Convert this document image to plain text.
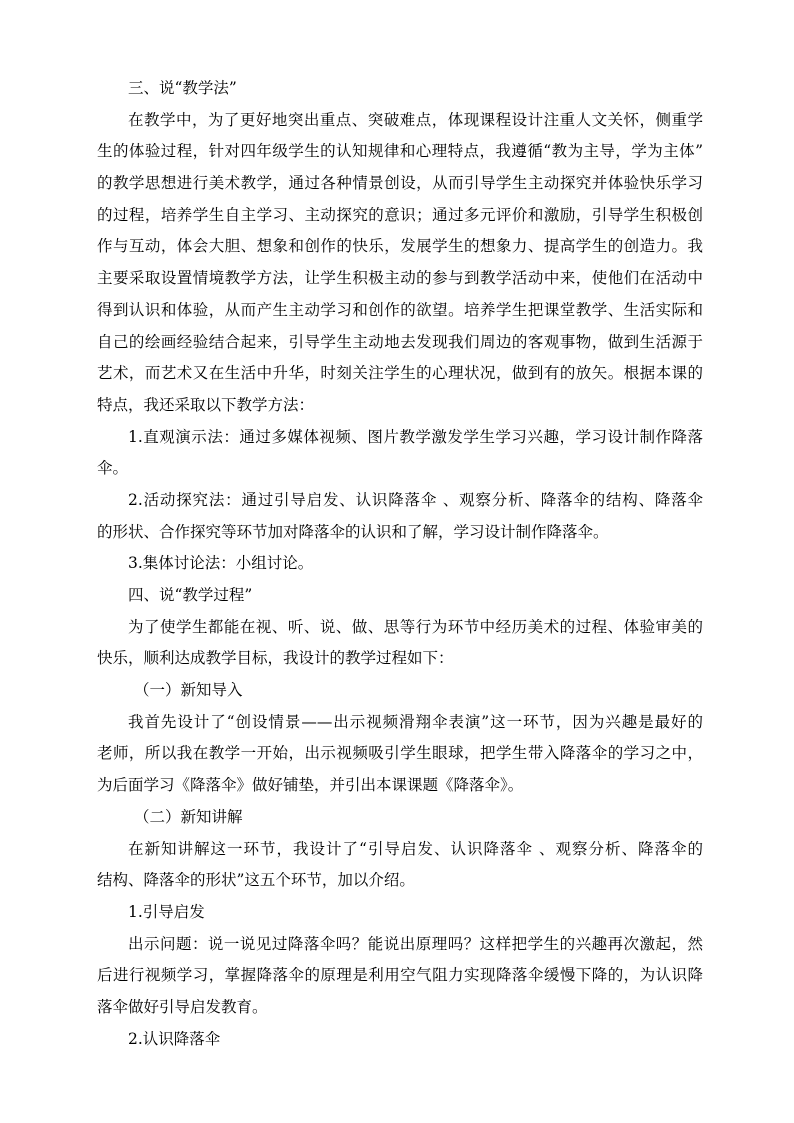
三、说“教学法”
在教学中，为了更好地突出重点、突破难点，体现课程设计注重人文关怀，侧重学
生的体验过程，针对四年级学生的认知规律和心理特点，我遵循“教为主导，学为主体”
的教学思想进行美术教学，通过各种情景创设，从而引导学生主动探究并体验快乐学习
的过程，培养学生自主学习、主动探究的意识；通过多元评价和激励，引导学生积极创
作与互动，体会大胆、想象和创作的快乐，发展学生的想象力、提高学生的创造力。我
主要采取设置情境教学方法，让学生积极主动的参与到教学活动中来，使他们在活动中
得到认识和体验，从而产生主动学习和创作的欲望。培养学生把课堂教学、生活实际和
自己的绘画经验结合起来，引导学生主动地去发现我们周边的客观事物，做到生活源于
艺术，而艺术又在生活中升华，时刻关注学生的心理状况，做到有的放矢。根据本课的
特点，我还采取以下教学方法：
1.直观演示法：通过多媒体视频、图片教学激发学生学习兴趣，学习设计制作降落
伞。
2.活动探究法：通过引导启发、认识降落伞 、观察分析、降落伞的结构、降落伞
的形状、合作探究等环节加对降落伞的认识和了解，学习设计制作降落伞。
3.集体讨论法：小组讨论。
四、说“教学过程”
为了使学生都能在视、听、说、做、思等行为环节中经历美术的过程、体验审美的
快乐，顺利达成教学目标，我设计的教学过程如下：
（一）新知导入
我首先设计了“创设情景——出示视频滑翔伞表演”这一环节，因为兴趣是最好的
老师，所以我在教学一开始，出示视频吸引学生眼球，把学生带入降落伞的学习之中，
为后面学习《降落伞》做好铺垫，并引出本课课题《降落伞》。
（二）新知讲解
在新知讲解这一环节，我设计了“引导启发、认识降落伞 、观察分析、降落伞的
结构、降落伞的形状”这五个环节，加以介绍。
1.引导启发
出示问题：说一说见过降落伞吗？能说出原理吗？这样把学生的兴趣再次激起，然
后进行视频学习，掌握降落伞的原理是利用空气阻力实现降落伞缓慢下降的，为认识降
落伞做好引导启发教育。
2.认识降落伞
